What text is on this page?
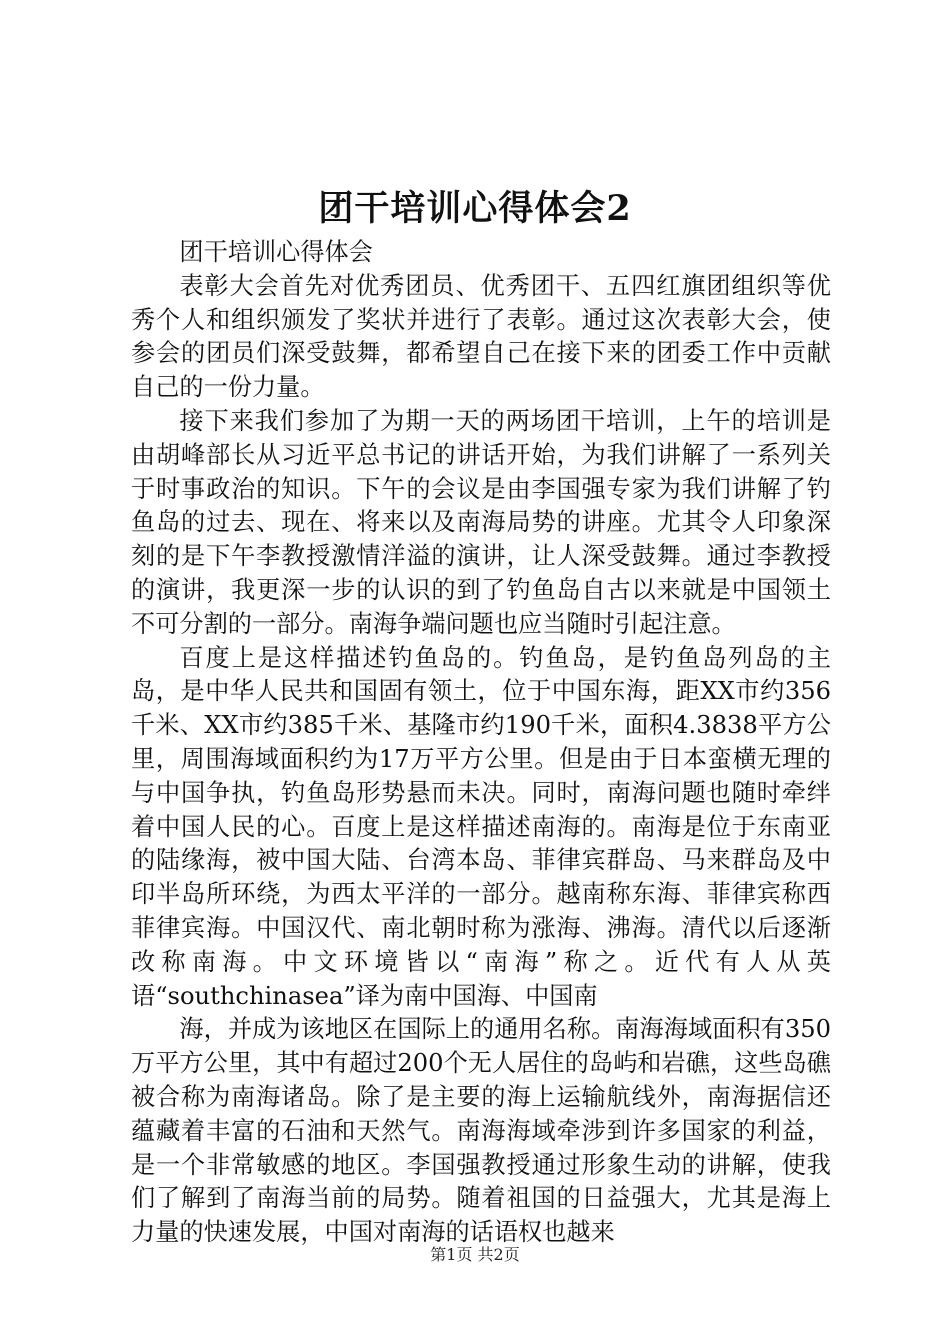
团干培训心得体会2

团干培训心得体会

表彰大会首先对优秀团员、优秀团干、五四红旗团组织等优秀个人和组织颁发了奖状并进行了表彰。通过这次表彰大会，使参会的团员们深受鼓舞，都希望自己在接下来的团委工作中贡献自己的一份力量。

接下来我们参加了为期一天的两场团干培训，上午的培训是由胡峰部长从习近平总书记的讲话开始，为我们讲解了一系列关于时事政治的知识。下午的会议是由李国强专家为我们讲解了钓鱼岛的过去、现在、将来以及南海局势的讲座。尤其令人印象深刻的是下午李教授激情洋溢的演讲，让人深受鼓舞。通过李教授的演讲，我更深一步的认识的到了钓鱼岛自古以来就是中国领土不可分割的一部分。南海争端问题也应当随时引起注意。

百度上是这样描述钓鱼岛的。钓鱼岛，是钓鱼岛列岛的主岛，是中华人民共和国固有领土，位于中国东海，距XX市约356千米、XX市约385千米、基隆市约190千米，面积4.3838平方公里，周围海域面积约为17万平方公里。但是由于日本蛮横无理的与中国争执，钓鱼岛形势悬而未决。同时，南海问题也随时牵绊着中国人民的心。百度上是这样描述南海的。南海是位于东南亚的陆缘海，被中国大陆、台湾本岛、菲律宾群岛、马来群岛及中印半岛所环绕，为西太平洋的一部分。越南称东海、菲律宾称西菲律宾海。中国汉代、南北朝时称为涨海、沸海。清代以后逐渐改称南海。中文环境皆以“南海”称之。近代有人从英语“southchinasea”译为南中国海、中国南

海，并成为该地区在国际上的通用名称。南海海域面积有350万平方公里，其中有超过200个无人居住的岛屿和岩礁，这些岛礁被合称为南海诸岛。除了是主要的海上运输航线外，南海据信还蕴藏着丰富的石油和天然气。南海海域牵涉到许多国家的利益，是一个非常敏感的地区。李国强教授通过形象生动的讲解，使我们了解到了南海当前的局势。随着祖国的日益强大，尤其是海上力量的快速发展，中国对南海的话语权也越来

第1页 共2页
